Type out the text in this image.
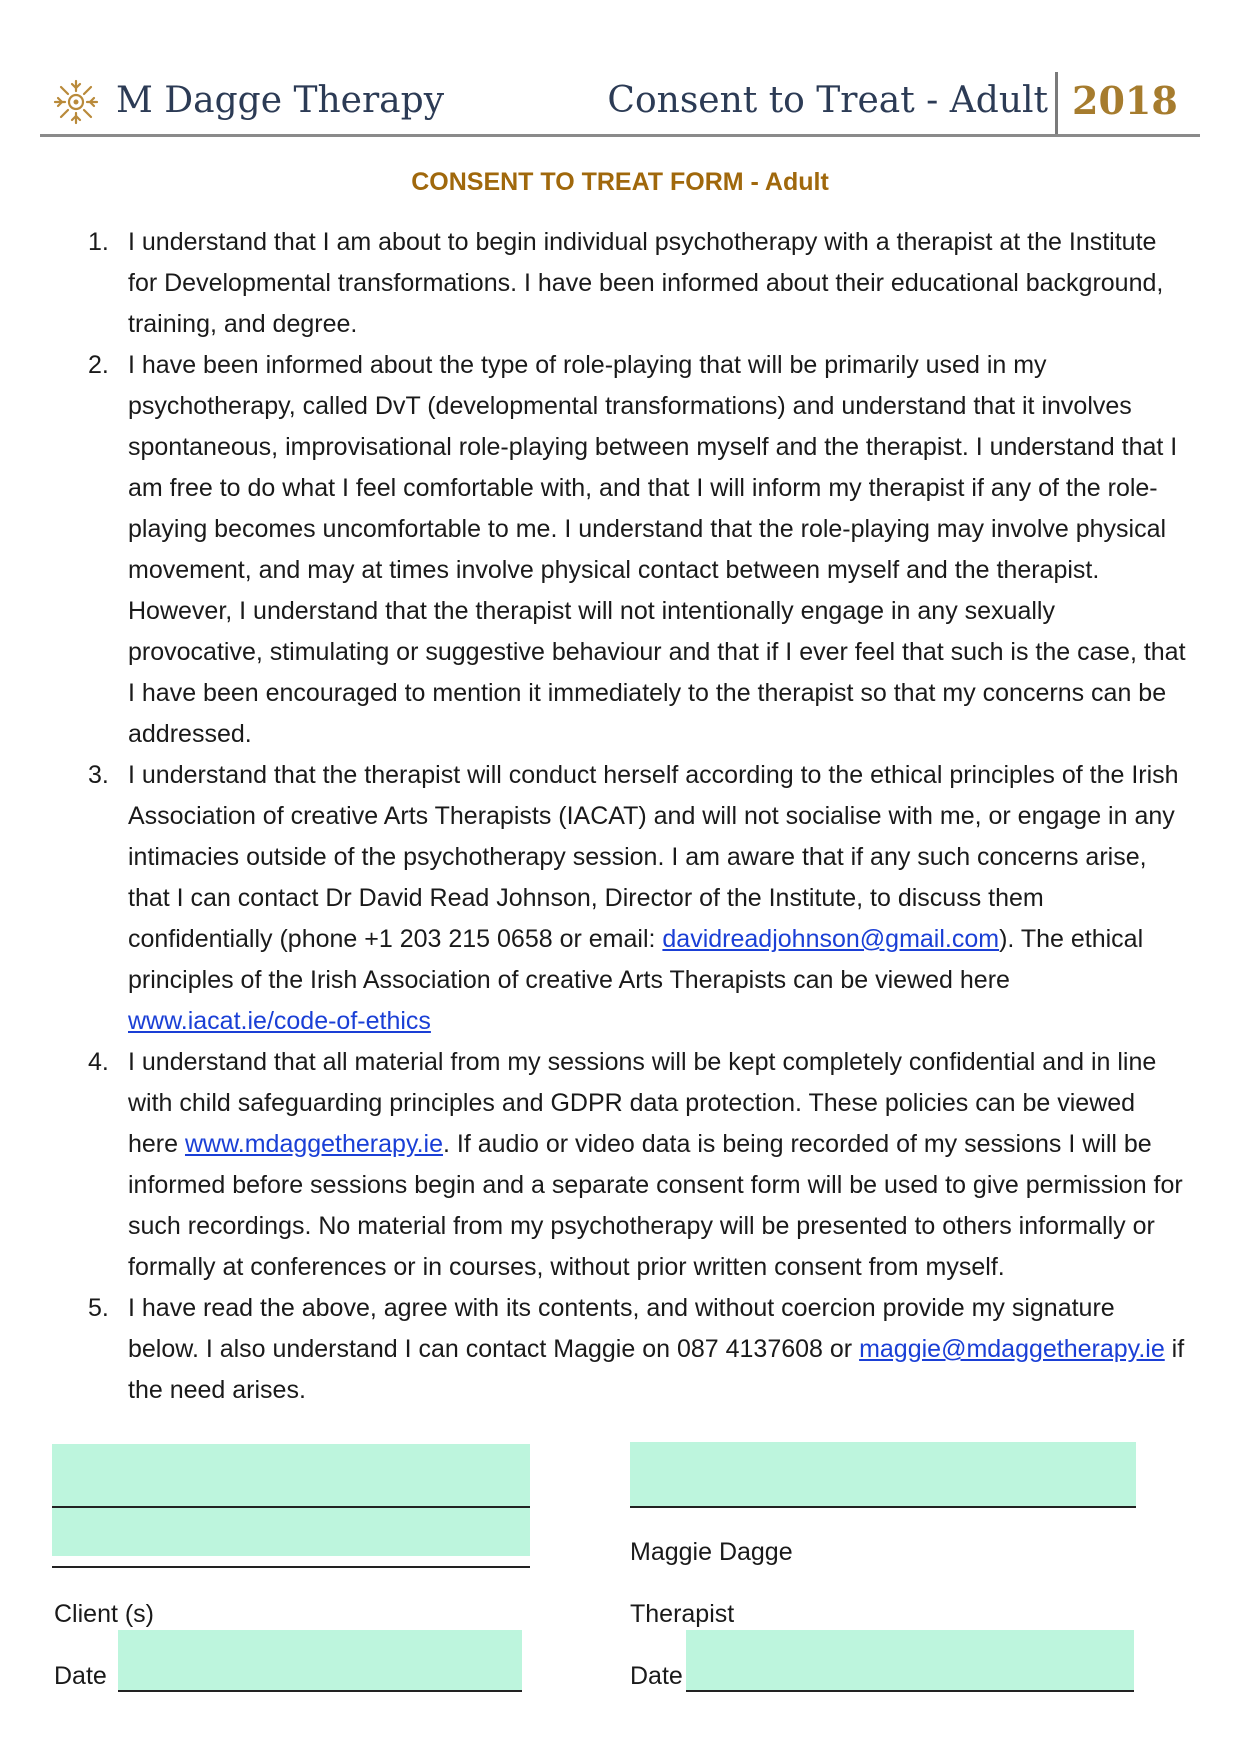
M Dagge Therapy	Consent to Treat - Adult 2018
CONSENT TO TREAT FORM - Adult
1. I understand that I am about to begin individual psychotherapy with a therapist at the Institute for Developmental transformations. I have been informed about their educational background, training, and degree.
2. I have been informed about the type of role-playing that will be primarily used in my psychotherapy, called DvT (developmental transformations) and understand that it involves spontaneous, improvisational role-playing between myself and the therapist. I understand that I am free to do what I feel comfortable with, and that I will inform my therapist if any of the role-playing becomes uncomfortable to me. I understand that the role-playing may involve physical movement, and may at times involve physical contact between myself and the therapist. However, I understand that the therapist will not intentionally engage in any sexually provocative, stimulating or suggestive behaviour and that if I ever feel that such is the case, that I have been encouraged to mention it immediately to the therapist so that my concerns can be addressed.
3. I understand that the therapist will conduct herself according to the ethical principles of the Irish Association of creative Arts Therapists (IACAT) and will not socialise with me, or engage in any intimacies outside of the psychotherapy session. I am aware that if any such concerns arise, that I can contact Dr David Read Johnson, Director of the Institute, to discuss them confidentially (phone +1 203 215 0658 or email: davidreadjohnson@gmail.com). The ethical principles of the Irish Association of creative Arts Therapists can be viewed here www.iacat.ie/code-of-ethics
4. I understand that all material from my sessions will be kept completely confidential and in line with child safeguarding principles and GDPR data protection. These policies can be viewed here www.mdaggetherapy.ie. If audio or video data is being recorded of my sessions I will be informed before sessions begin and a separate consent form will be used to give permission for such recordings. No material from my psychotherapy will be presented to others informally or formally at conferences or in courses, without prior written consent from myself.
5. I have read the above, agree with its contents, and without coercion provide my signature below. I also understand I can contact Maggie on 087 4137608 or maggie@mdaggetherapy.ie if the need arises.
Client (s)
Date
Maggie Dagge
Therapist
Date
